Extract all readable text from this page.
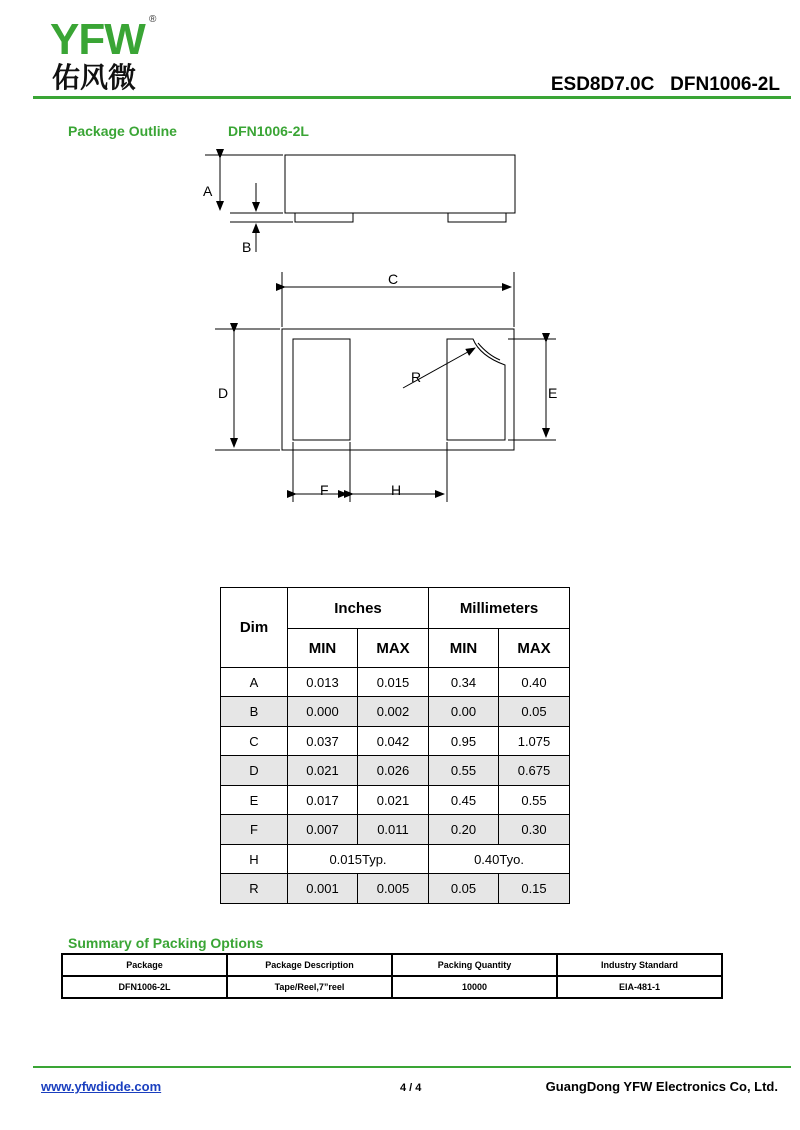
YFW ®
佑风微	ESD8D7.0C   DFN1006-2L
Package Outline	DFN1006-2L
A
B
C
D	E
F	H
R
Dim	Inches		Millimeters	
	MIN	MAX	MIN	MAX
A	0.013	0.015	0.34	0.40
B	0.000	0.002	0.00	0.05
C	0.037	0.042	0.95	1.075
D	0.021	0.026	0.55	0.675
E	0.017	0.021	0.45	0.55
F	0.007	0.011	0.20	0.30
H	0.015Typ.		0.40Tyo.	
R	0.001	0.005	0.05	0.15
Summary of Packing Options
Package	Package Description	Packing Quantity	Industry Standard
DFN1006-2L	Tape/Reel,7”reel	10000	EIA-481-1
www.yfwdiode.com	4 / 4	GuangDong YFW Electronics Co, Ltd.
